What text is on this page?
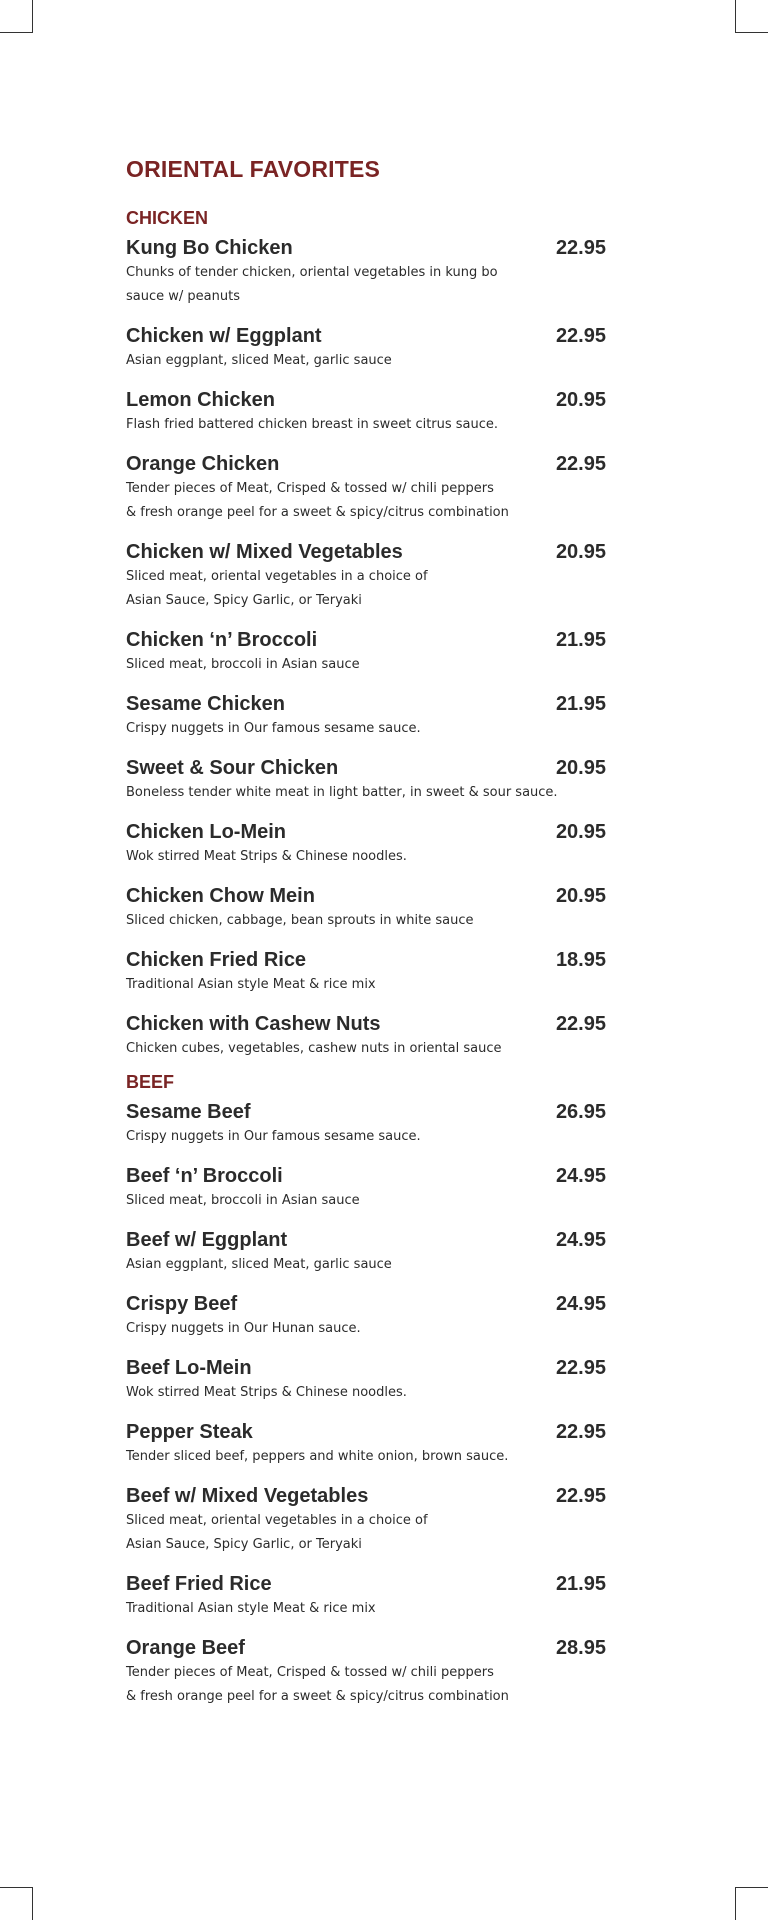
ORIENTAL FAVORITES
CHICKEN
Kung Bo Chicken	22.95
Chunks of tender chicken, oriental vegetables in kung bo
sauce w/ peanuts
Chicken w/ Eggplant	22.95
Asian eggplant, sliced Meat, garlic sauce
Lemon Chicken	20.95
Flash fried battered chicken breast in sweet citrus sauce.
Orange Chicken	22.95
Tender pieces of Meat, Crisped & tossed w/ chili peppers
& fresh orange peel for a sweet & spicy/citrus combination
Chicken w/ Mixed Vegetables	20.95
Sliced meat, oriental vegetables in a choice of
Asian Sauce, Spicy Garlic, or Teryaki
Chicken ‘n’ Broccoli	21.95
Sliced meat, broccoli in Asian sauce
Sesame Chicken	21.95
Crispy nuggets in Our famous sesame sauce.
Sweet & Sour Chicken	20.95
Boneless tender white meat in light batter, in sweet & sour sauce.
Chicken Lo-Mein	20.95
Wok stirred Meat Strips & Chinese noodles.
Chicken Chow Mein	20.95
Sliced chicken, cabbage, bean sprouts in white sauce
Chicken Fried Rice	18.95
Traditional Asian style Meat & rice mix
Chicken with Cashew Nuts	22.95
Chicken cubes, vegetables, cashew nuts in oriental sauce
BEEF
Sesame Beef	26.95
Crispy nuggets in Our famous sesame sauce.
Beef ‘n’ Broccoli	24.95
Sliced meat, broccoli in Asian sauce
Beef w/ Eggplant	24.95
Asian eggplant, sliced Meat, garlic sauce
Crispy Beef	24.95
Crispy nuggets in Our Hunan sauce.
Beef Lo-Mein	22.95
Wok stirred Meat Strips & Chinese noodles.
Pepper Steak	22.95
Tender sliced beef, peppers and white onion, brown sauce.
Beef w/ Mixed Vegetables	22.95
Sliced meat, oriental vegetables in a choice of
Asian Sauce, Spicy Garlic, or Teryaki
Beef Fried Rice	21.95
Traditional Asian style Meat & rice mix
Orange Beef	28.95
Tender pieces of Meat, Crisped & tossed w/ chili peppers
& fresh orange peel for a sweet & spicy/citrus combination
